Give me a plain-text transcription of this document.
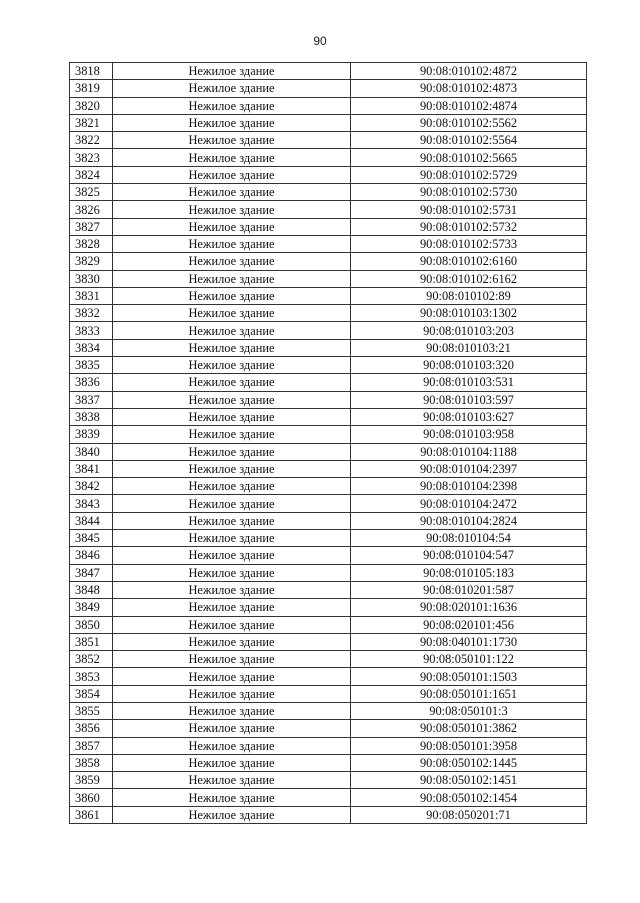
90
3818	Нежилое здание	90:08:010102:4872
3819	Нежилое здание	90:08:010102:4873
3820	Нежилое здание	90:08:010102:4874
3821	Нежилое здание	90:08:010102:5562
3822	Нежилое здание	90:08:010102:5564
3823	Нежилое здание	90:08:010102:5665
3824	Нежилое здание	90:08:010102:5729
3825	Нежилое здание	90:08:010102:5730
3826	Нежилое здание	90:08:010102:5731
3827	Нежилое здание	90:08:010102:5732
3828	Нежилое здание	90:08:010102:5733
3829	Нежилое здание	90:08:010102:6160
3830	Нежилое здание	90:08:010102:6162
3831	Нежилое здание	90:08:010102:89
3832	Нежилое здание	90:08:010103:1302
3833	Нежилое здание	90:08:010103:203
3834	Нежилое здание	90:08:010103:21
3835	Нежилое здание	90:08:010103:320
3836	Нежилое здание	90:08:010103:531
3837	Нежилое здание	90:08:010103:597
3838	Нежилое здание	90:08:010103:627
3839	Нежилое здание	90:08:010103:958
3840	Нежилое здание	90:08:010104:1188
3841	Нежилое здание	90:08:010104:2397
3842	Нежилое здание	90:08:010104:2398
3843	Нежилое здание	90:08:010104:2472
3844	Нежилое здание	90:08:010104:2824
3845	Нежилое здание	90:08:010104:54
3846	Нежилое здание	90:08:010104:547
3847	Нежилое здание	90:08:010105:183
3848	Нежилое здание	90:08:010201:587
3849	Нежилое здание	90:08:020101:1636
3850	Нежилое здание	90:08:020101:456
3851	Нежилое здание	90:08:040101:1730
3852	Нежилое здание	90:08:050101:122
3853	Нежилое здание	90:08:050101:1503
3854	Нежилое здание	90:08:050101:1651
3855	Нежилое здание	90:08:050101:3
3856	Нежилое здание	90:08:050101:3862
3857	Нежилое здание	90:08:050101:3958
3858	Нежилое здание	90:08:050102:1445
3859	Нежилое здание	90:08:050102:1451
3860	Нежилое здание	90:08:050102:1454
3861	Нежилое здание	90:08:050201:71
